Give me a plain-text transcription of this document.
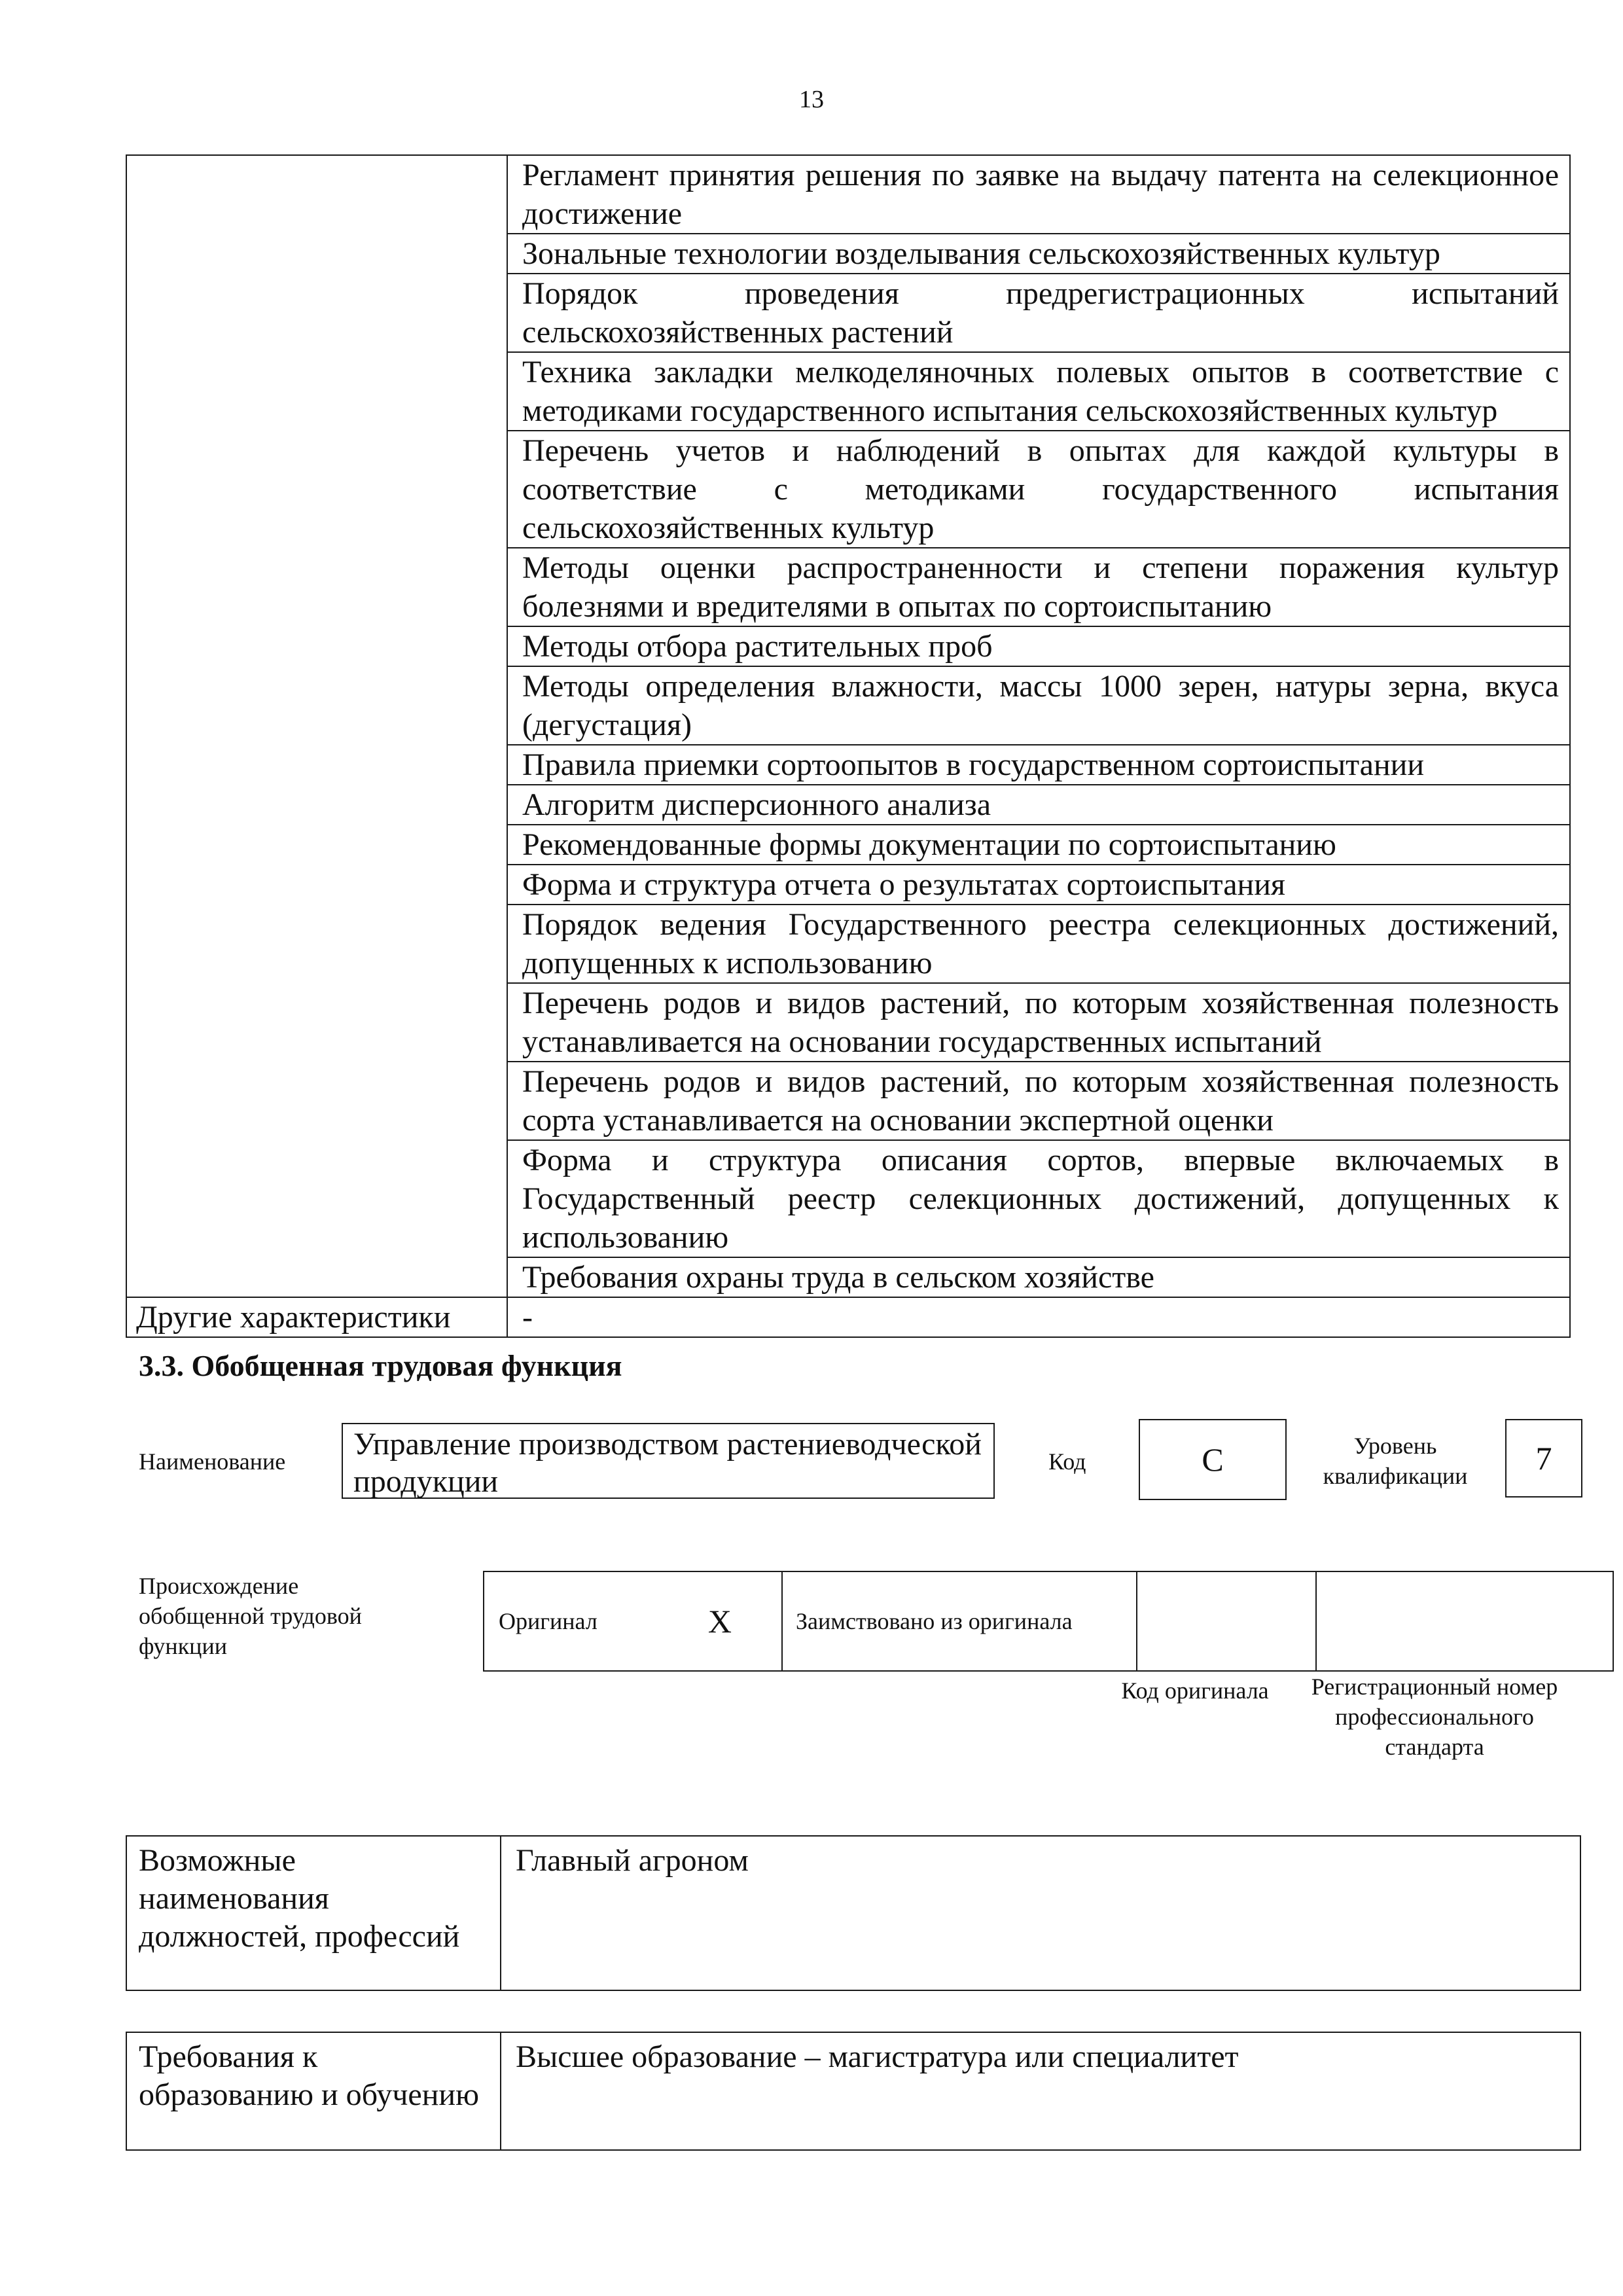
13
	Регламент принятия решения по заявке на выдачу патента на селекционное достижение
	Зональные технологии возделывания сельскохозяйственных культур
	Порядок проведения предрегистрационных испытаний сельскохозяйственных растений
	Техника закладки мелкоделяночных полевых опытов в соответствие с методиками государственного испытания сельскохозяйственных культур
	Перечень учетов и наблюдений в опытах для каждой культуры в соответствие с методиками государственного испытания сельскохозяйственных культур
	Методы оценки распространенности и степени поражения культур болезнями и вредителями в опытах по сортоиспытанию
	Методы отбора растительных проб
	Методы определения влажности, массы 1000 зерен, натуры зерна, вкуса (дегустация)
	Правила приемки сортоопытов в государственном сортоиспытании
	Алгоритм дисперсионного анализа
	Рекомендованные формы документации по сортоиспытанию
	Форма и структура отчета о результатах сортоиспытания
	Порядок ведения Государственного реестра селекционных достижений, допущенных к использованию
	Перечень родов и видов растений, по которым хозяйственная полезность устанавливается на основании государственных испытаний
	Перечень родов и видов растений, по которым хозяйственная полезность сорта устанавливается на основании экспертной оценки
	Форма и структура описания сортов, впервые включаемых в Государственный реестр селекционных достижений, допущенных к использованию
	Требования охраны труда в сельском хозяйстве
Другие характеристики	-
3.3. Обобщенная трудовая функция
Наименование	Управление производством растениеводческой продукции
Код	C	Уровень квалификации	7
Происхождение обобщенной трудовой функции
Оригинал	X	Заимствовано из оригинала		
Код оригинала	Регистрационный номер профессионального стандарта
Возможные наименования должностей, профессий	Главный агроном
Требования к образованию и обучению	Высшее образование – магистратура или специалитет
